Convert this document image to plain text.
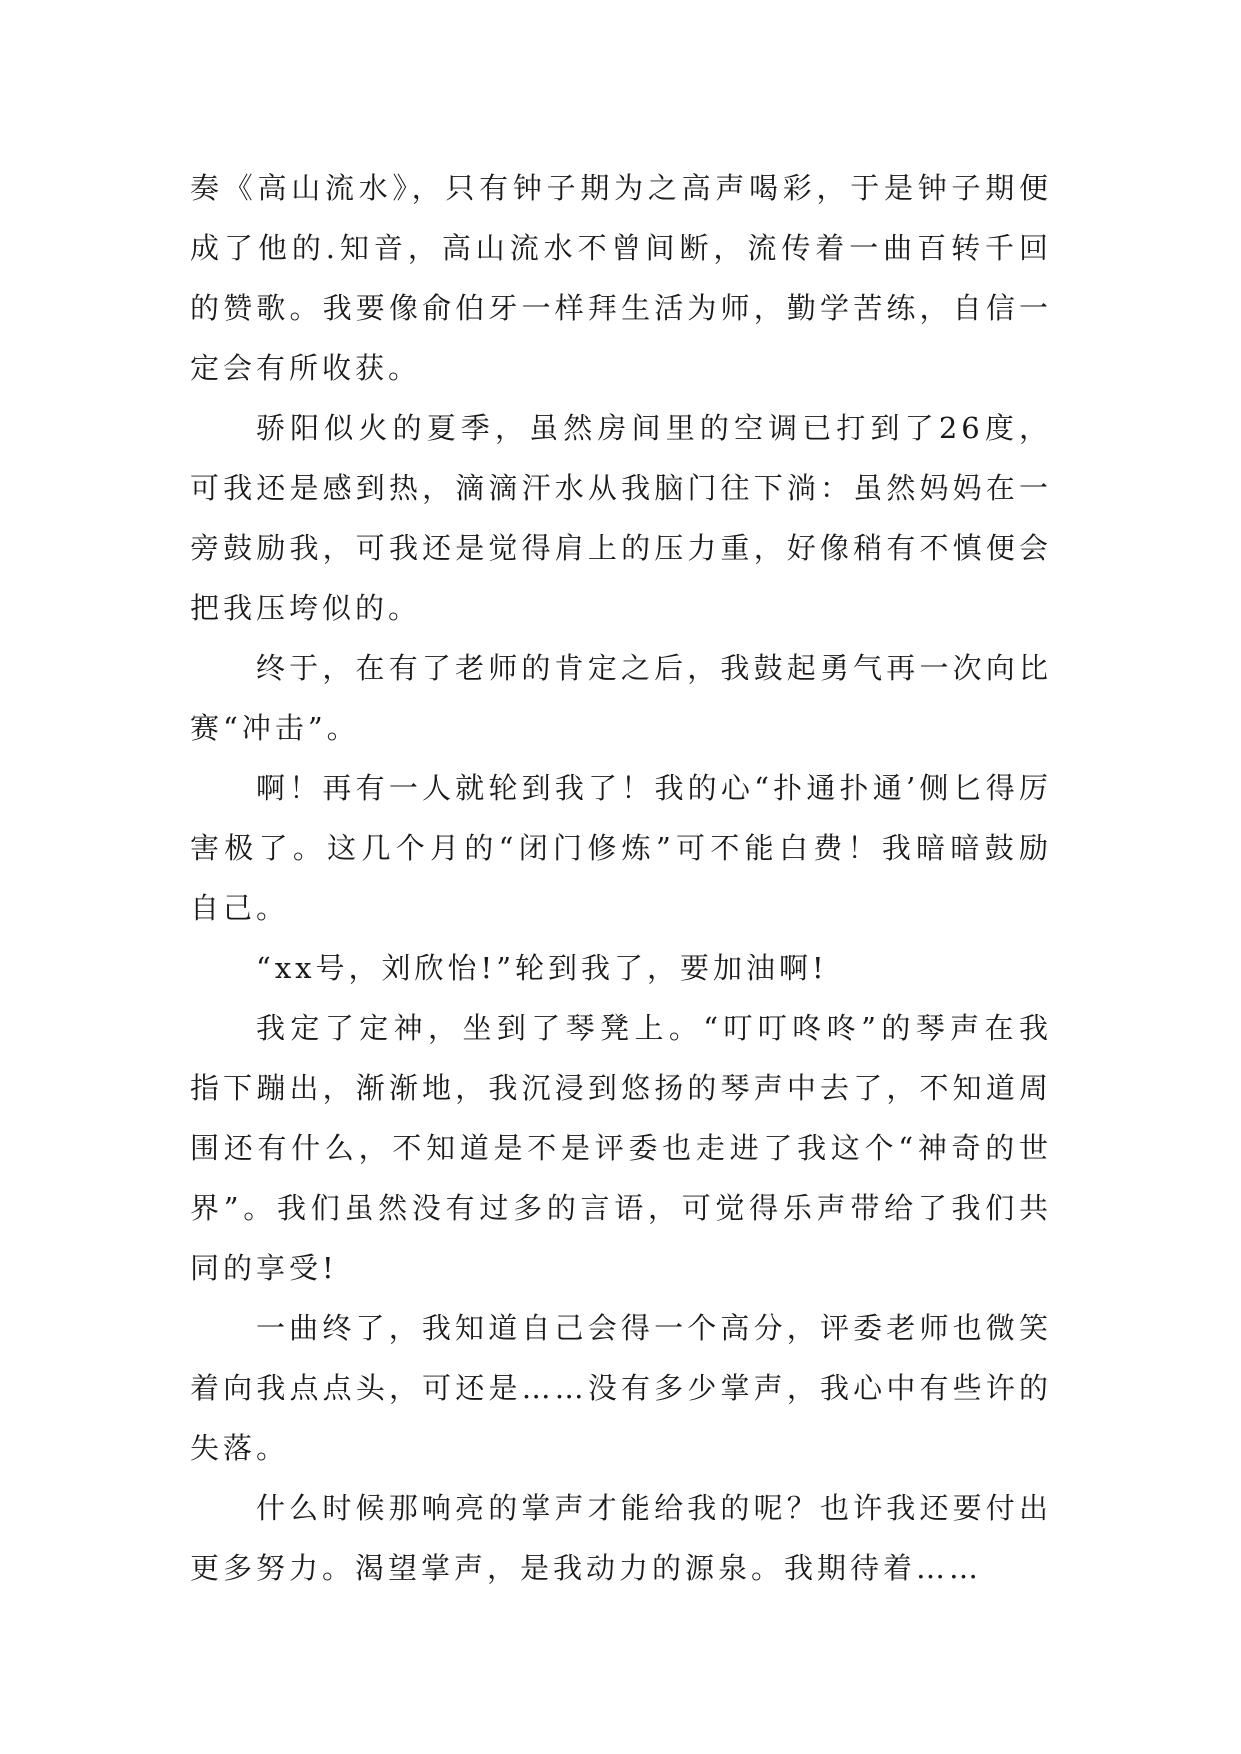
奏《高山流水》，只有钟子期为之高声喝彩，于是钟子期便成了他的.知音，高山流水不曾间断，流传着一曲百转千回的赞歌。我要像俞伯牙一样拜生活为师，勤学苦练，自信一定会有所收获。

骄阳似火的夏季，虽然房间里的空调已打到了26度，可我还是感到热，滴滴汗水从我脑门往下淌：虽然妈妈在一旁鼓励我，可我还是觉得肩上的压力重，好像稍有不慎便会把我压垮似的。

终于，在有了老师的肯定之后，我鼓起勇气再一次向比赛“冲击”。

啊！再有一人就轮到我了！我的心“扑通扑通’侧匕得厉害极了。这几个月的“闭门修炼”可不能白费！我暗暗鼓励自己。

“xx号，刘欣怡!”轮到我了，要加油啊!

我定了定神，坐到了琴凳上。“叮叮咚咚”的琴声在我指下蹦出，渐渐地，我沉浸到悠扬的琴声中去了，不知道周围还有什么，不知道是不是评委也走进了我这个“神奇的世界”。我们虽然没有过多的言语，可觉得乐声带给了我们共同的享受!

一曲终了，我知道自己会得一个高分，评委老师也微笑着向我点点头，可还是……没有多少掌声，我心中有些许的失落。

什么时候那响亮的掌声才能给我的呢？也许我还要付出更多努力。渴望掌声，是我动力的源泉。我期待着……
